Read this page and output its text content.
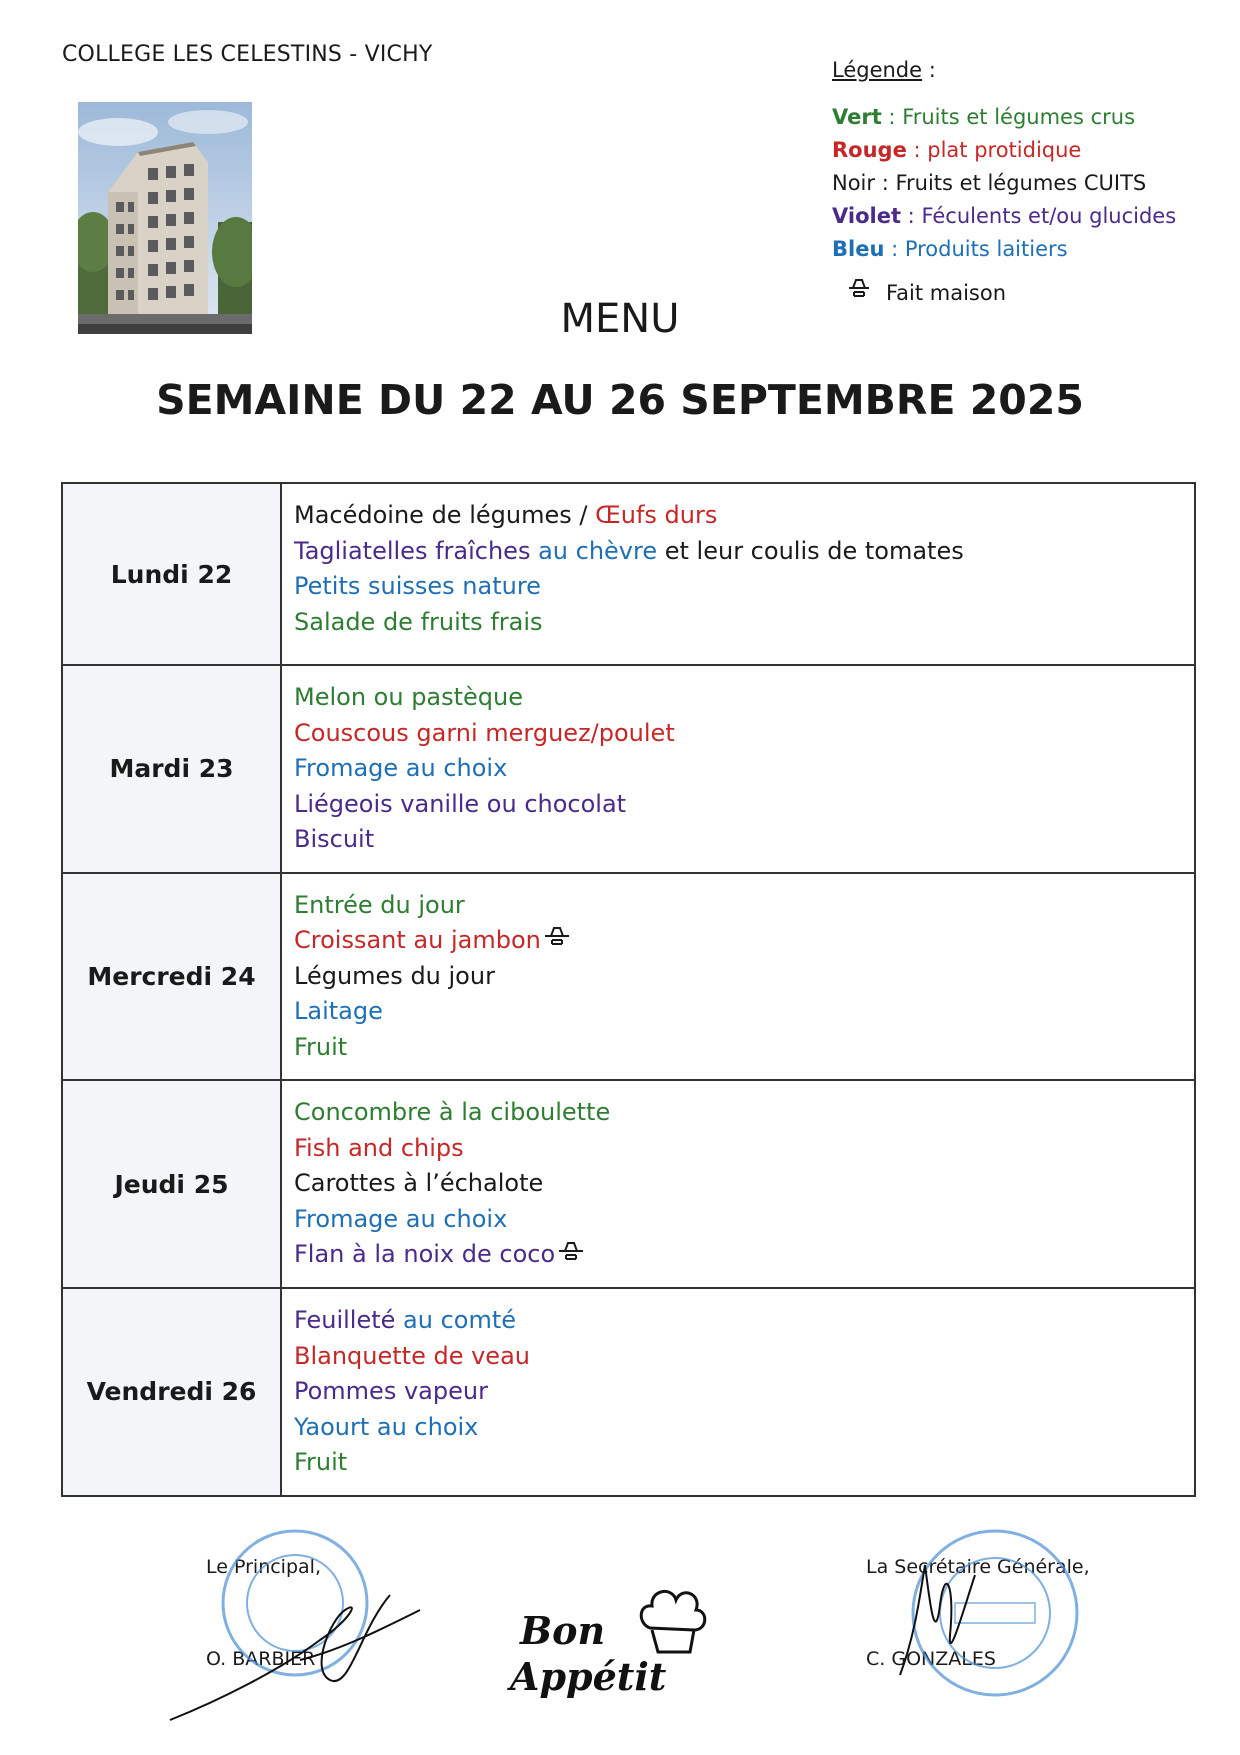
COLLEGE LES CELESTINS - VICHY
Légende :
Vert : Fruits et légumes crus
Rouge : plat protidique
Noir : Fruits et légumes CUITS
Violet : Féculents et/ou glucides
Bleu : Produits laitiers
Fait maison
MENU
SEMAINE DU 22 AU 26 SEPTEMBRE 2025
Lundi 22	Macédoine de légumes / Œufs durs
Tagliatelles fraîches au chèvre et leur coulis de tomates
Petits suisses nature
Salade de fruits frais

Mardi 23	Melon ou pastèque
Couscous garni merguez/poulet
Fromage au choix
Liégeois vanille ou chocolat
Biscuit

Mercredi 24	Entrée du jour
Croissant au jambon
Légumes du jour
Laitage
Fruit

Jeudi 25	Concombre à la ciboulette
Fish and chips
Carottes à l’échalote
Fromage au choix
Flan à la noix de coco

Vendredi 26	Feuilleté au comté
Blanquette de veau
Pommes vapeur
Yaourt au choix
Fruit
Le Principal,
O. BARBIER
La Secrétaire Générale,
C. GONZALES
Bon
Appétit
